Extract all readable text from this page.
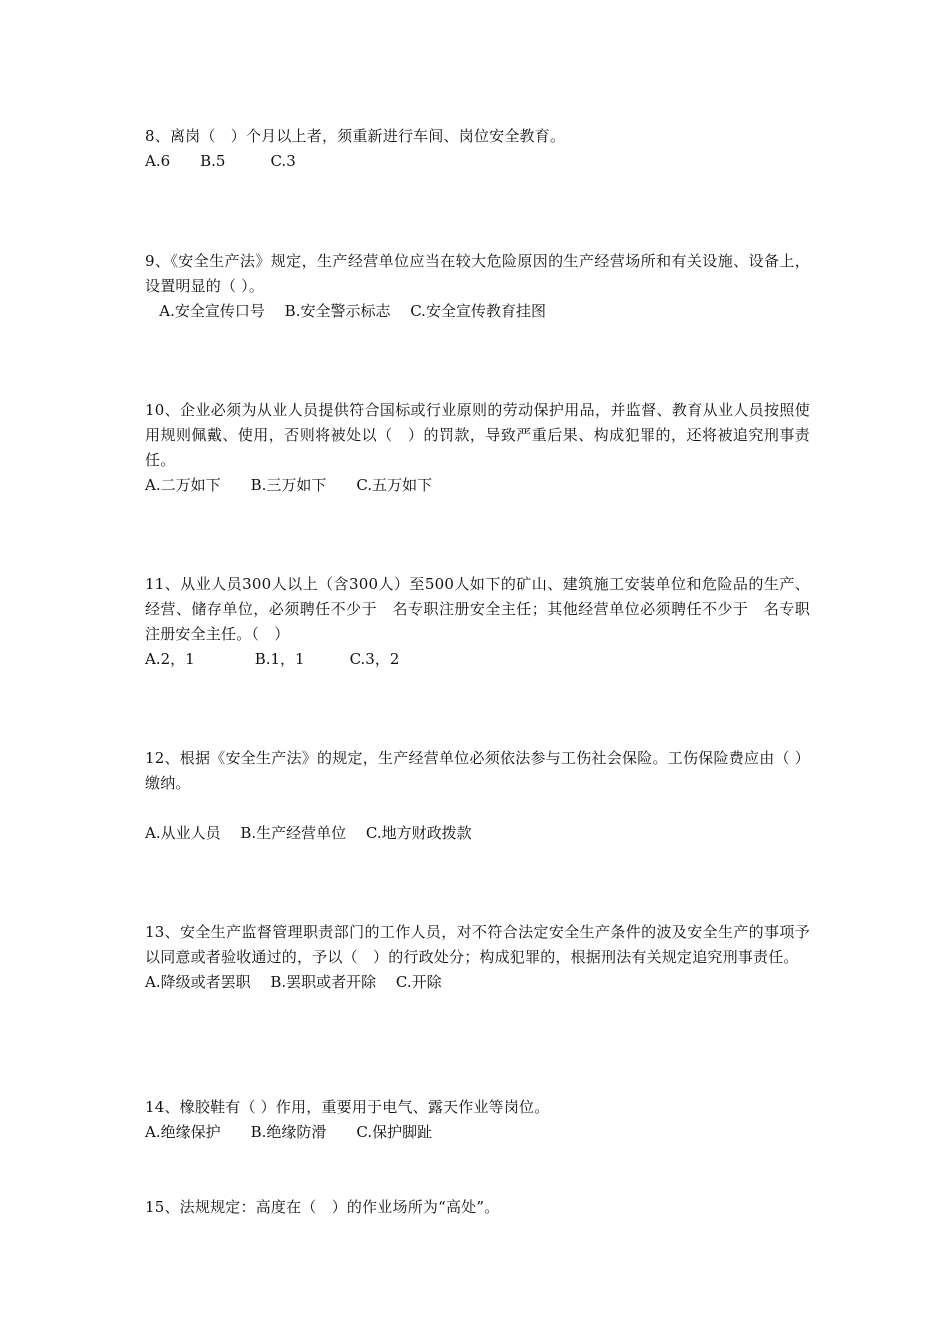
8、离岗（　）个月以上者，须重新进行车间、岗位安全教育。

A.6　　B.5　　　C.3

9、《安全生产法》规定，生产经营单位应当在较大危险原因的生产经营场所和有关设施、设备上，设置明显的（ ）。

A.安全宣传口号　 B.安全警示标志　 C.安全宣传教育挂图

10、企业必须为从业人员提供符合国标或行业原则的劳动保护用品，并监督、教育从业人员按照使用规则佩戴、使用，否则将被处以（　）的罚款，导致严重后果、构成犯罪的，还将被追究刑事责任。

A.二万如下　　B.三万如下　　C.五万如下

11、从业人员300人以上（含300人）至500人如下的矿山、建筑施工安装单位和危险品的生产、经营、储存单位，必须聘任不少于　名专职注册安全主任；其他经营单位必须聘任不少于　名专职注册安全主任。（　）

A.2，1　　　　B.1，1　　　C.3，2

12、根据《安全生产法》的规定，生产经营单位必须依法参与工伤社会保险。工伤保险费应由（ ）缴纳。

A.从业人员　 B.生产经营单位　 C.地方财政拨款

13、安全生产监督管理职责部门的工作人员，对不符合法定安全生产条件的波及安全生产的事项予以同意或者验收通过的，予以（　）的行政处分；构成犯罪的，根据刑法有关规定追究刑事责任。

A.降级或者罢职　 B.罢职或者开除　 C.开除

14、橡胶鞋有（ ）作用，重要用于电气、露天作业等岗位。

A.绝缘保护　　B.绝缘防滑　　C.保护脚趾

15、法规规定：高度在（　）的作业场所为“高处”。
